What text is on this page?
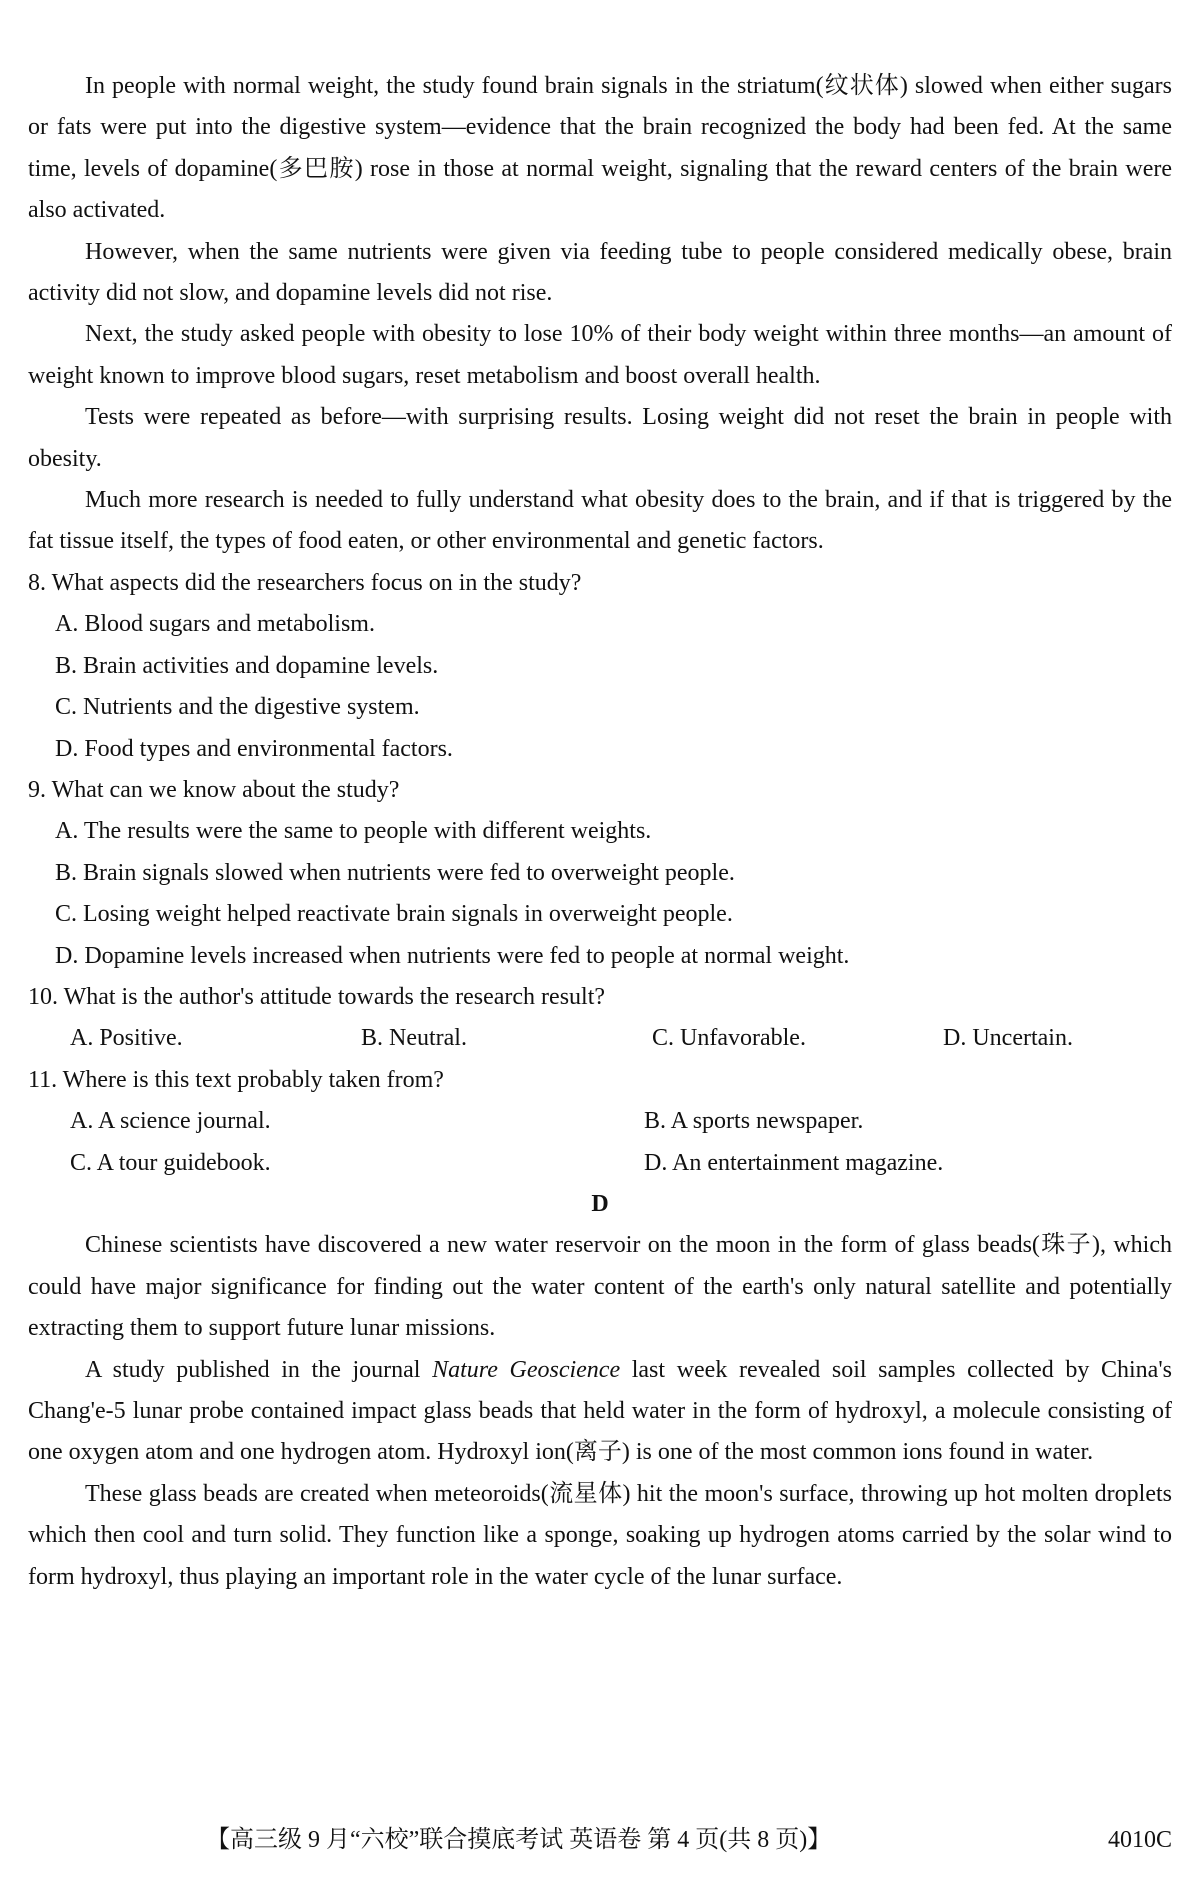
In people with normal weight, the study found brain signals in the striatum(纹状体) slowed when either sugars or fats were put into the digestive system—evidence that the brain recognized the body had been fed. At the same time, levels of dopamine(多巴胺) rose in those at normal weight, signaling that the reward centers of the brain were also activated.

However, when the same nutrients were given via feeding tube to people considered medically obese, brain activity did not slow, and dopamine levels did not rise.

Next, the study asked people with obesity to lose 10% of their body weight within three months—an amount of weight known to improve blood sugars, reset metabolism and boost overall health.

Tests were repeated as before—with surprising results. Losing weight did not reset the brain in people with obesity.

Much more research is needed to fully understand what obesity does to the brain, and if that is triggered by the fat tissue itself, the types of food eaten, or other environmental and genetic factors.

8. What aspects did the researchers focus on in the study?

A. Blood sugars and metabolism.

B. Brain activities and dopamine levels.

C. Nutrients and the digestive system.

D. Food types and environmental factors.

9. What can we know about the study?

A. The results were the same to people with different weights.

B. Brain signals slowed when nutrients were fed to overweight people.

C. Losing weight helped reactivate brain signals in overweight people.

D. Dopamine levels increased when nutrients were fed to people at normal weight.

10. What is the author's attitude towards the research result?

A. Positive.	B. Neutral.	C. Unfavorable.	D. Uncertain.

11. Where is this text probably taken from?

A. A science journal.	B. A sports newspaper.
C. A tour guidebook.	D. An entertainment magazine.

D

Chinese scientists have discovered a new water reservoir on the moon in the form of glass beads(珠子), which could have major significance for finding out the water content of the earth's only natural satellite and potentially extracting them to support future lunar missions.

A study published in the journal Nature Geoscience last week revealed soil samples collected by China's Chang'e-5 lunar probe contained impact glass beads that held water in the form of hydroxyl, a molecule consisting of one oxygen atom and one hydrogen atom. Hydroxyl ion(离子) is one of the most common ions found in water.

These glass beads are created when meteoroids(流星体) hit the moon's surface, throwing up hot molten droplets which then cool and turn solid. They function like a sponge, soaking up hydrogen atoms carried by the solar wind to form hydroxyl, thus playing an important role in the water cycle of the lunar surface.

【高三级 9 月“六校”联合摸底考试 英语卷 第 4 页(共 8 页)】	4010C
